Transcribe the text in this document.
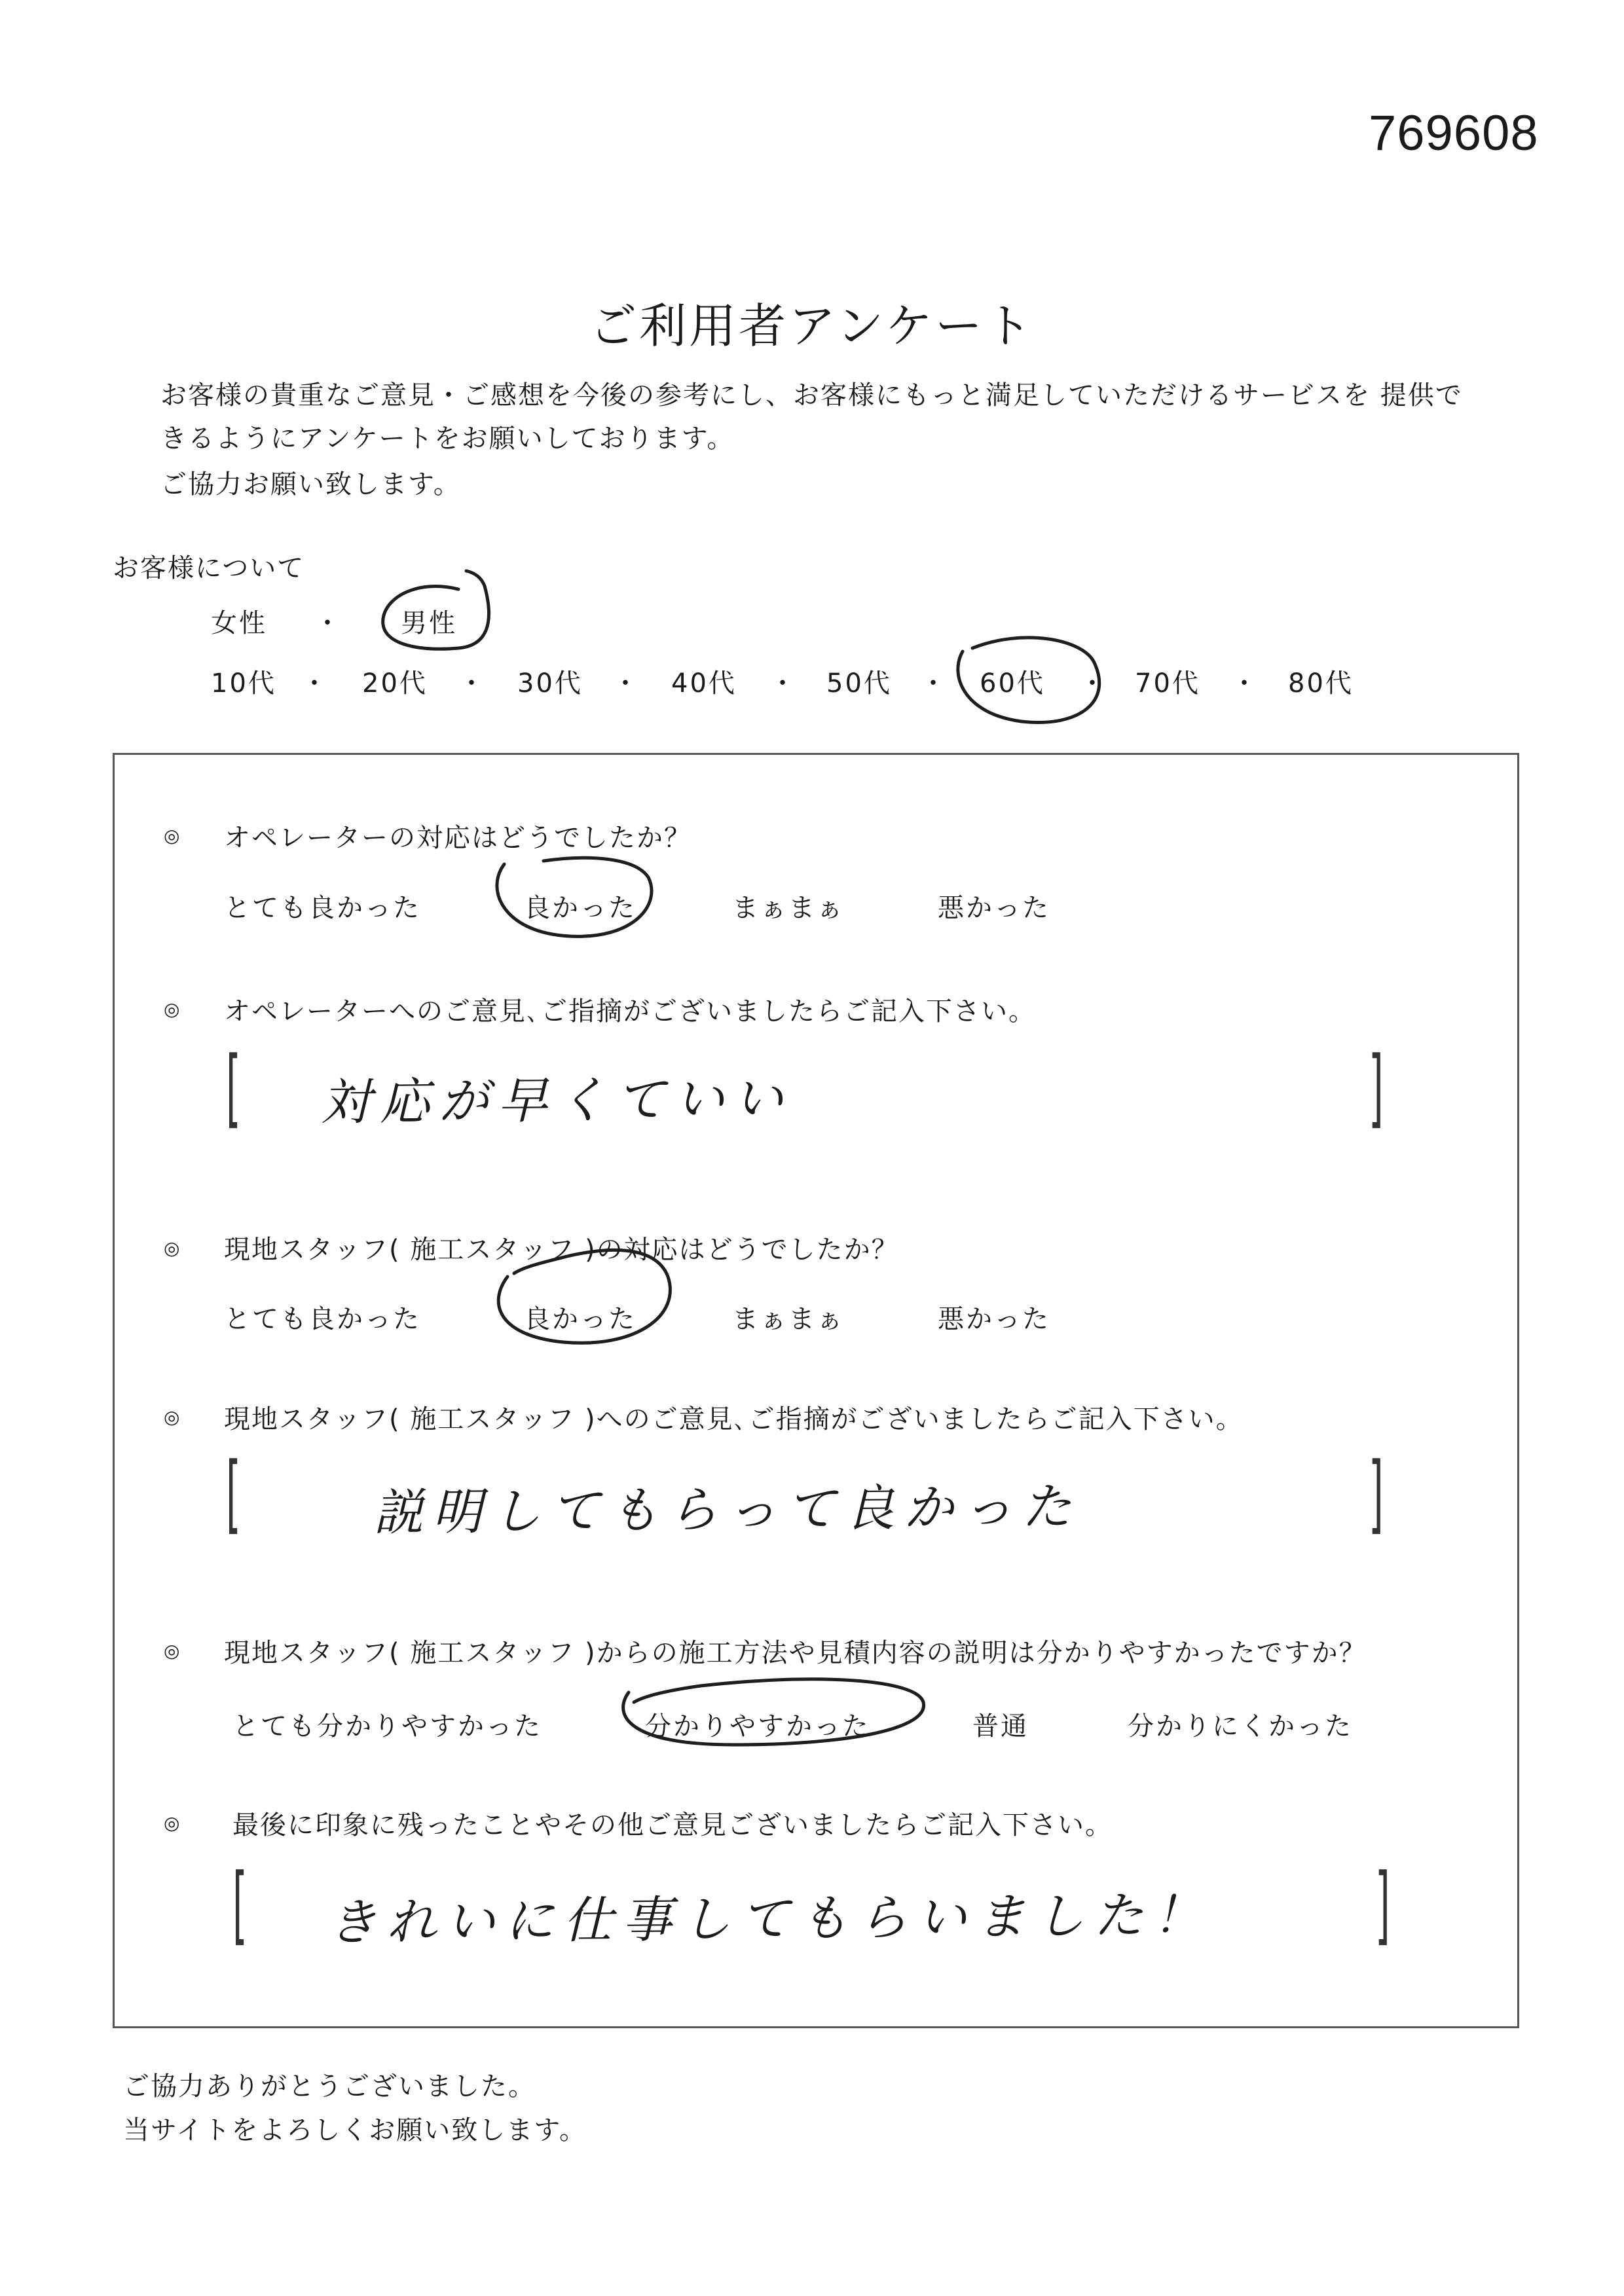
769608
ご利用者アンケート
お客様の貴重なご意見・ご感想を今後の参考にし、お客様にもっと満足していただけるサービスを 提供で
きるようにアンケートをお願いしております。
ご協力お願い致します。
お客様について
女性 ・ 男性
10代 ・ 20代 ・ 30代 ・ 40代 ・ 50代 ・ 60代 ・ 70代 ・ 80代
◎ オペレーターの対応はどうでしたか？
とても良かった	良かった	まぁまぁ	悪かった
◎ オペレーターへのご意見､ご指摘がございましたらご記入下さい。
[	]
対応が早くていい
◎ 現地スタッフ( 施工スタッフ )の対応はどうでしたか？
とても良かった	良かった	まぁまぁ	悪かった
◎ 現地スタッフ( 施工スタッフ )へのご意見､ご指摘がございましたらご記入下さい。
[	]
説明してもらって良かった
◎ 現地スタッフ( 施工スタッフ )からの施工方法や見積内容の説明は分かりやすかったですか？
とても分かりやすかった	分かりやすかった	普通	分かりにくかった
◎ 最後に印象に残ったことやその他ご意見ございましたらご記入下さい。
[	]
きれいに仕事してもらいました！
ご協力ありがとうございました。
当サイトをよろしくお願い致します。
